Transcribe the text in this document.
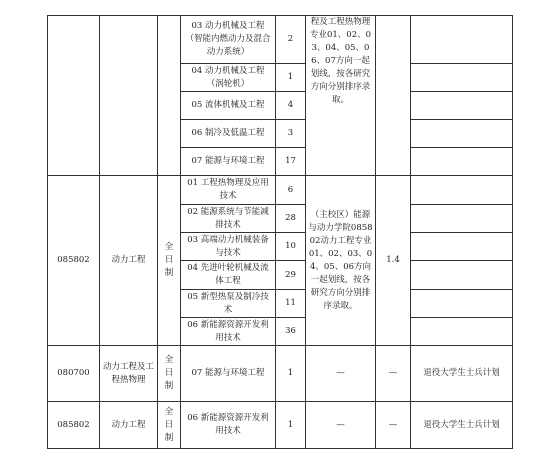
			03 动力机械及工程（智能内燃动力及混合动力系统）	2	程及工程热物理专业01、02、03、04、05、06、07方向一起划线，按各研究方向分别排序录取。		
			04 动力机械及工程（涡轮机）	1			
			05 流体机械及工程	4			
			06 制冷及低温工程	3			
			07 能源与环境工程	17			
085802	动力工程	全日制	01 工程热物理及应用技术	6	（主校区）能源与动力学院085802动力工程专业01、02、03、04、05、06方向一起划线，按各研究方向分别排序录取。	1.4	
			02 能源系统与节能减排技术	28			
			03 高端动力机械装备与技术	10			
			04 先进叶轮机械及流体工程	29			
			05 新型热泵及制冷技术	11			
			06 新能源资源开发利用技术	36			
080700	动力工程及工程热物理	全日制	07 能源与环境工程	1	—	—	退役大学生士兵计划
085802	动力工程	全日制	06 新能源资源开发利用技术	1	—	—	退役大学生士兵计划
